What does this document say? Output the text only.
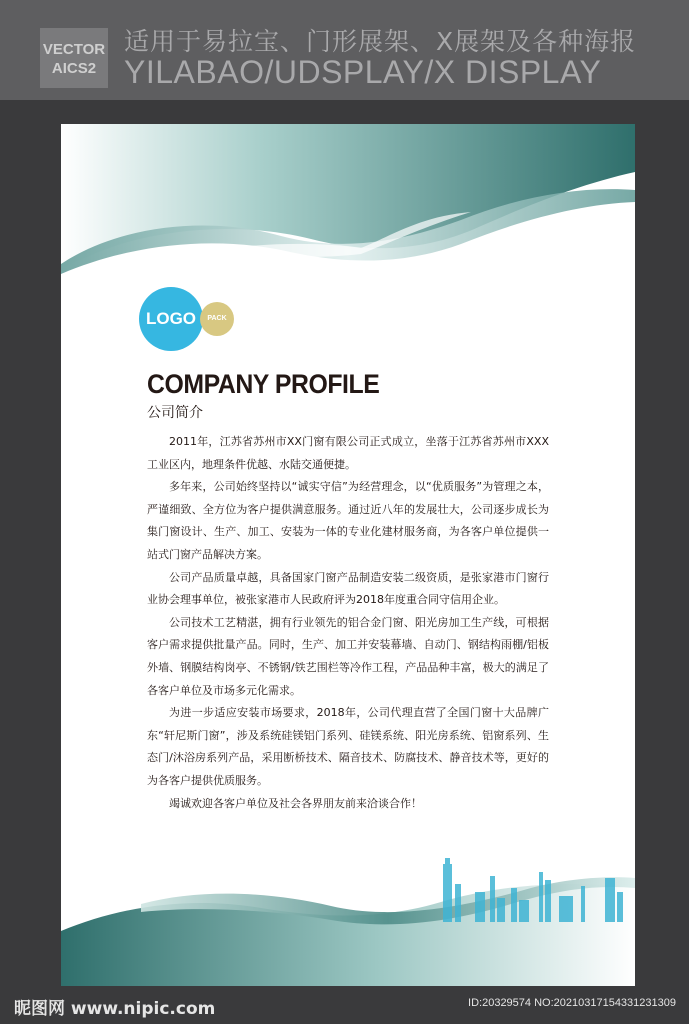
VECTOR
AICS2
适用于易拉宝、门形展架、X展架及各种海报
YILABAO/UDSPLAY/X DISPLAY
LOGO	PACK
COMPANY PROFILE
公司简介

2011年，江苏省苏州市XX门窗有限公司正式成立，坐落于江苏省苏州市XXX工业区内，地理条件优越、水陆交通便捷。

多年来，公司始终坚持以“诚实守信”为经营理念，以“优质服务”为管理之本，严谨细致、全方位为客户提供满意服务。通过近八年的发展壮大，公司逐步成长为集门窗设计、生产、加工、安装为一体的专业化建材服务商，为各客户单位提供一站式门窗产品解决方案。

公司产品质量卓越，具备国家门窗产品制造安装二级资质，是张家港市门窗行业协会理事单位，被张家港市人民政府评为2018年度重合同守信用企业。

公司技术工艺精湛，拥有行业领先的铝合金门窗、阳光房加工生产线，可根据客户需求提供批量产品。同时，生产、加工并安装幕墙、自动门、钢结构雨棚/铝板外墙、钢膜结构岗亭、不锈钢/铁艺围栏等冷作工程，产品品种丰富，极大的满足了各客户单位及市场多元化需求。

为进一步适应安装市场要求，2018年，公司代理直营了全国门窗十大品牌广东“轩尼斯门窗”，涉及系统硅镁铝门系列、硅镁系统、阳光房系统、铝窗系列、生态门/沐浴房系列产品，采用断桥技术、隔音技术、防腐技术、静音技术等，更好的为各客户提供优质服务。

竭诚欢迎各客户单位及社会各界朋友前来洽谈合作！

昵图网 www.nipic.com	ID:20329574 NO:20210317154331231309
